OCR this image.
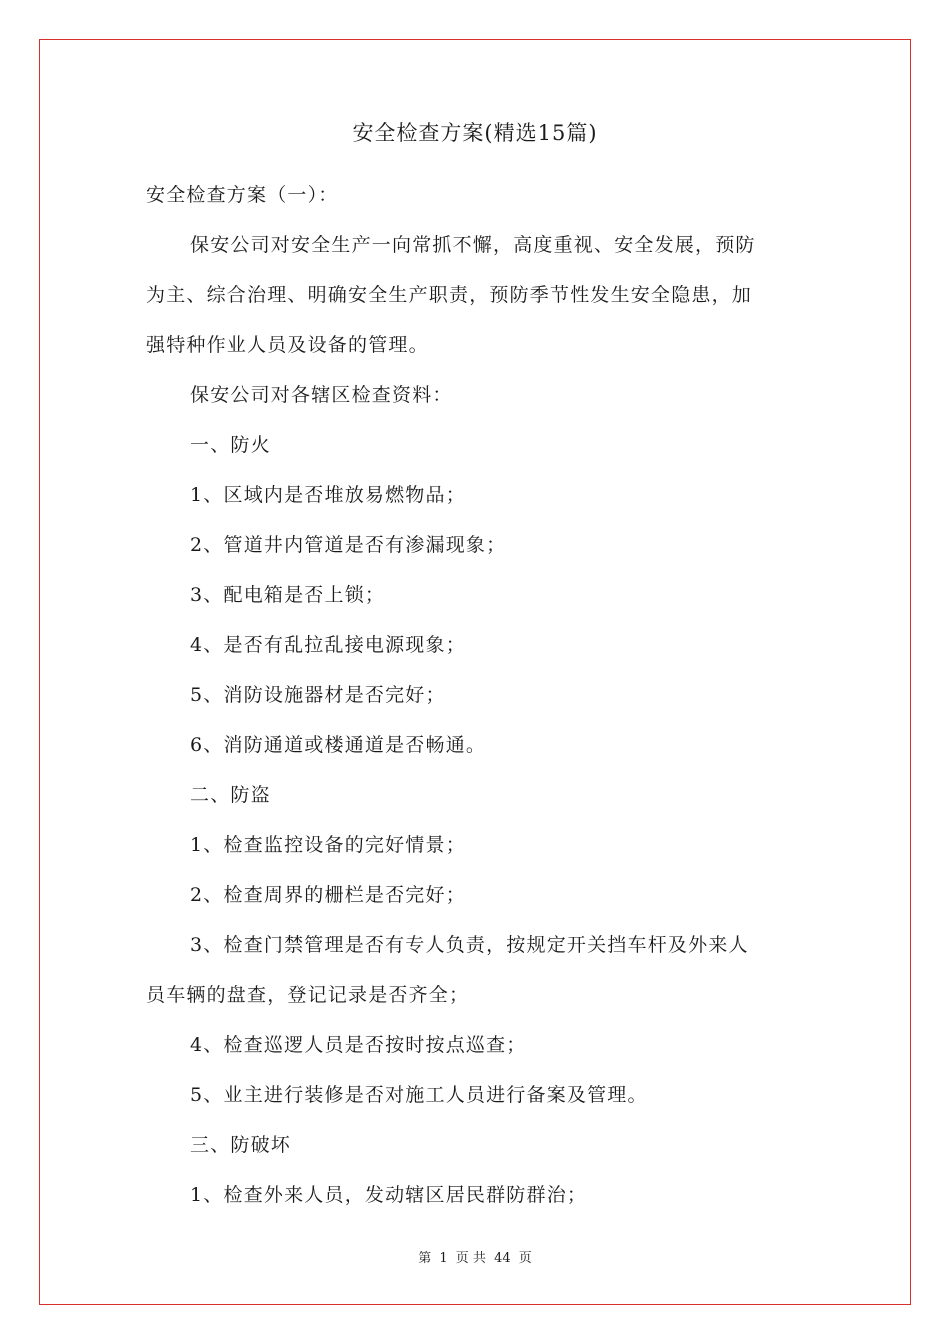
安全检查方案(精选15篇)
安全检查方案（一）：
保安公司对安全生产一向常抓不懈，高度重视、安全发展，预防
为主、综合治理、明确安全生产职责，预防季节性发生安全隐患，加
强特种作业人员及设备的管理。
保安公司对各辖区检查资料：
一、防火
1、区域内是否堆放易燃物品；
2、管道井内管道是否有渗漏现象；
3、配电箱是否上锁；
4、是否有乱拉乱接电源现象；
5、消防设施器材是否完好；
6、消防通道或楼通道是否畅通。
二、防盗
1、检查监控设备的完好情景；
2、检查周界的栅栏是否完好；
3、检查门禁管理是否有专人负责，按规定开关挡车杆及外来人
员车辆的盘查，登记记录是否齐全；
4、检查巡逻人员是否按时按点巡查；
5、业主进行装修是否对施工人员进行备案及管理。
三、防破坏
1、检查外来人员，发动辖区居民群防群治；
第 1 页 共 44 页
